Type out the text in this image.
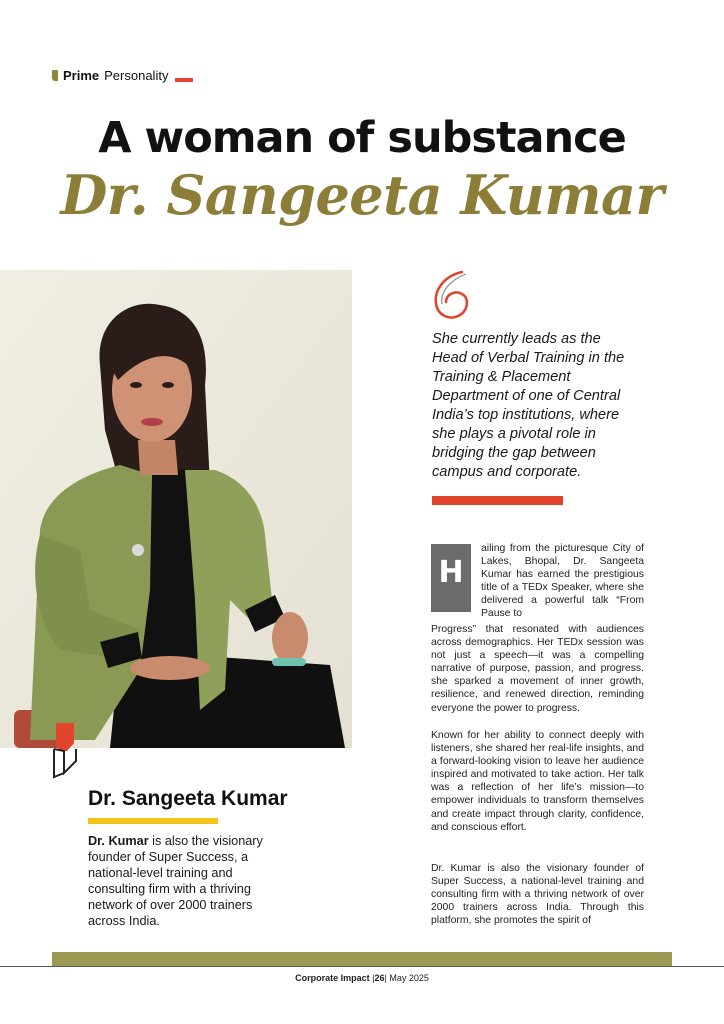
Prime Personality
A woman of substance
Dr. Sangeeta Kumar
She currently leads as the Head of Verbal Training in the Training & Placement Department of one of Central India’s top institutions, where she plays a pivotal role in bridging the gap between campus and corporate.
H
ailing from the picturesque City of Lakes, Bhopal, Dr. Sangeeta Kumar has earned the prestigious title of a TEDx Speaker, where she delivered a powerful talk “From Pause to
Progress” that resonated with audiences across demographics. Her TEDx session was not just a speech—it was a compelling narrative of purpose, passion, and progress. she sparked a movement of inner growth, resilience, and renewed direction, reminding everyone the power to progress.
Known for her ability to connect deeply with listeners, she shared her real-life insights, and a forward-looking vision to leave her audience inspired and motivated to take action. Her talk was a reflection of her life’s mission—to empower individuals to transform themselves and create impact through clarity, confidence, and conscious effort.
Dr. Kumar is also the visionary founder of Super Success, a national-level training and consulting firm with a thriving network of over 2000 trainers across India. Through this platform, she promotes the spirit of
Dr. Sangeeta Kumar
Dr. Kumar is also the visionary founder of Super Success, a national-level training and consulting firm with a thriving network of over 2000 trainers across India.
Corporate Impact |26| May 2025
